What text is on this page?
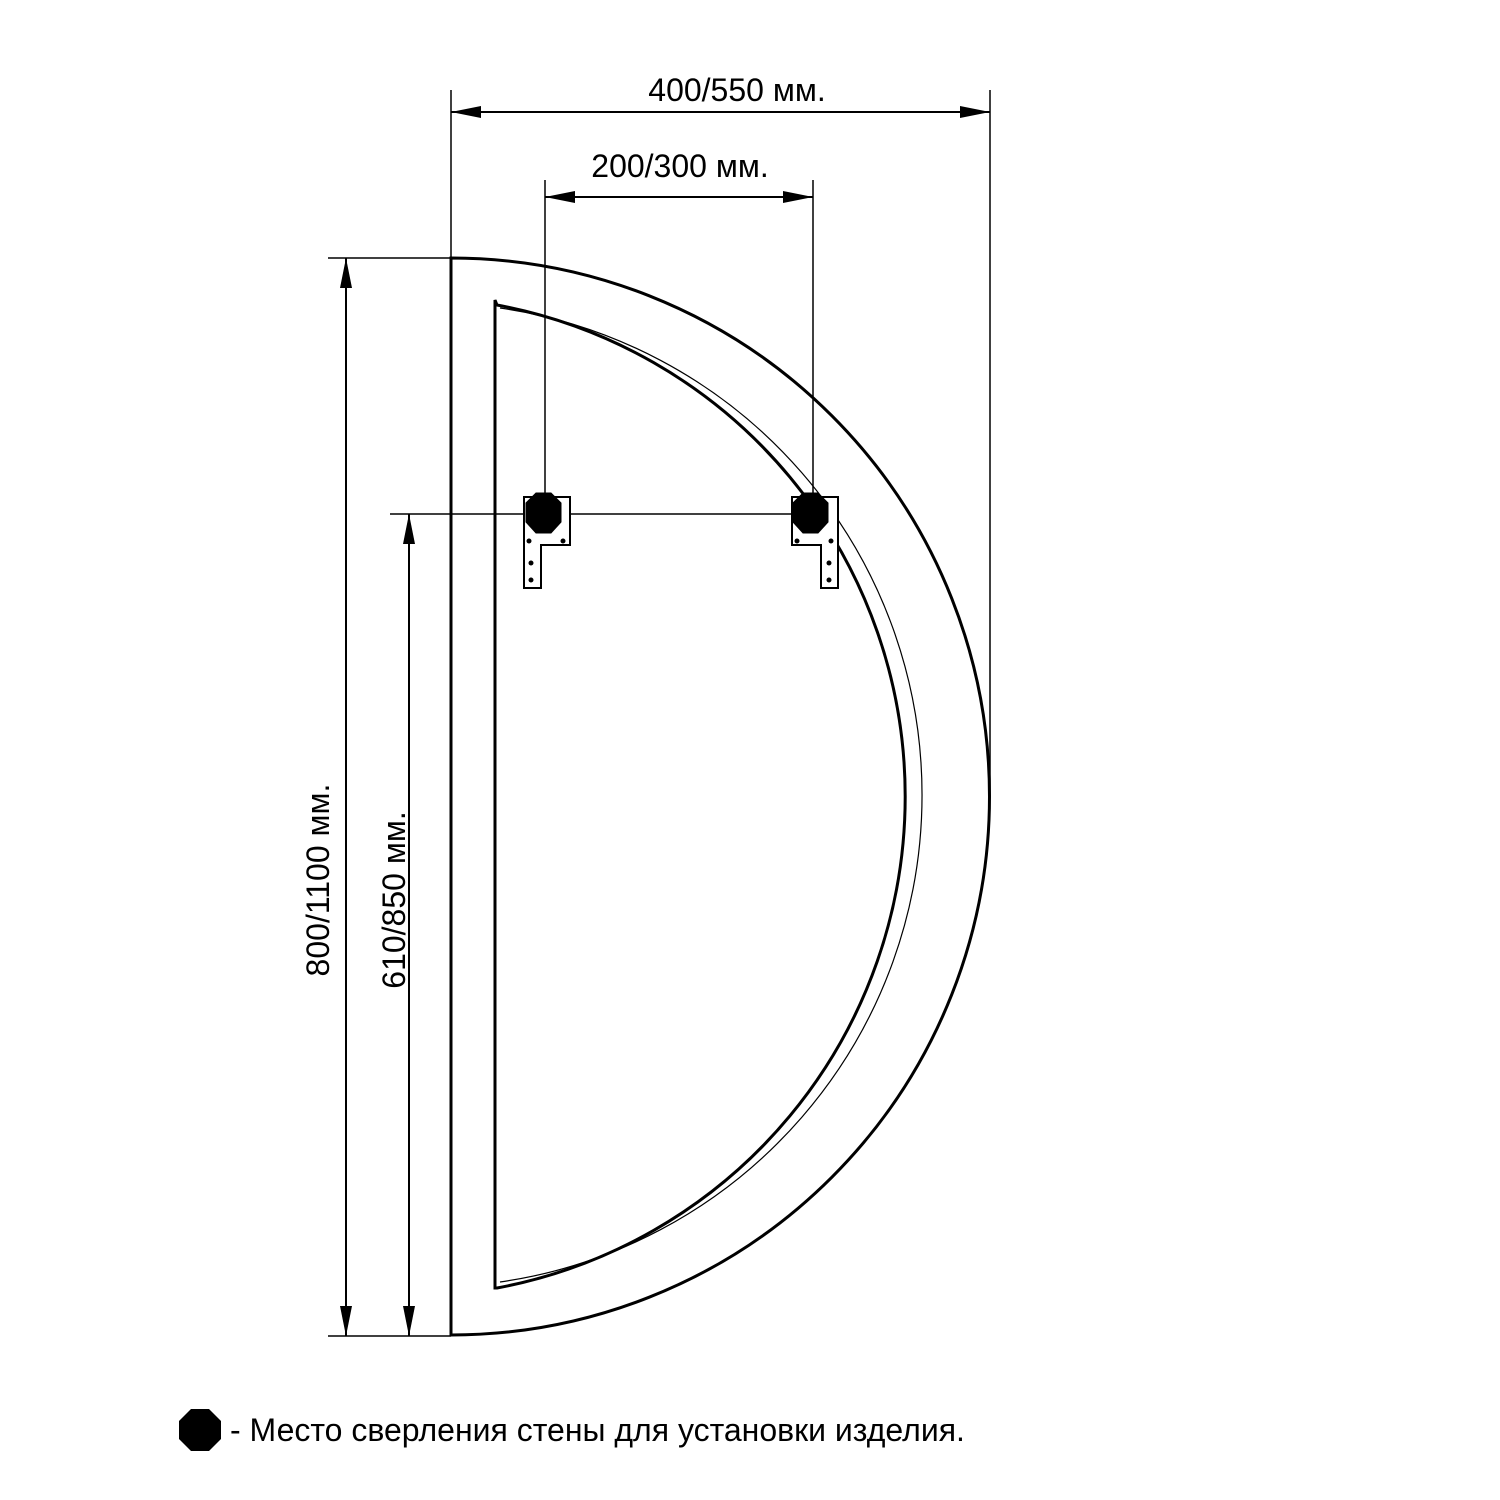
400/550 мм.
200/300 мм.
800/1100 мм. 610/850 мм.
- Место сверления стены для установки изделия.
